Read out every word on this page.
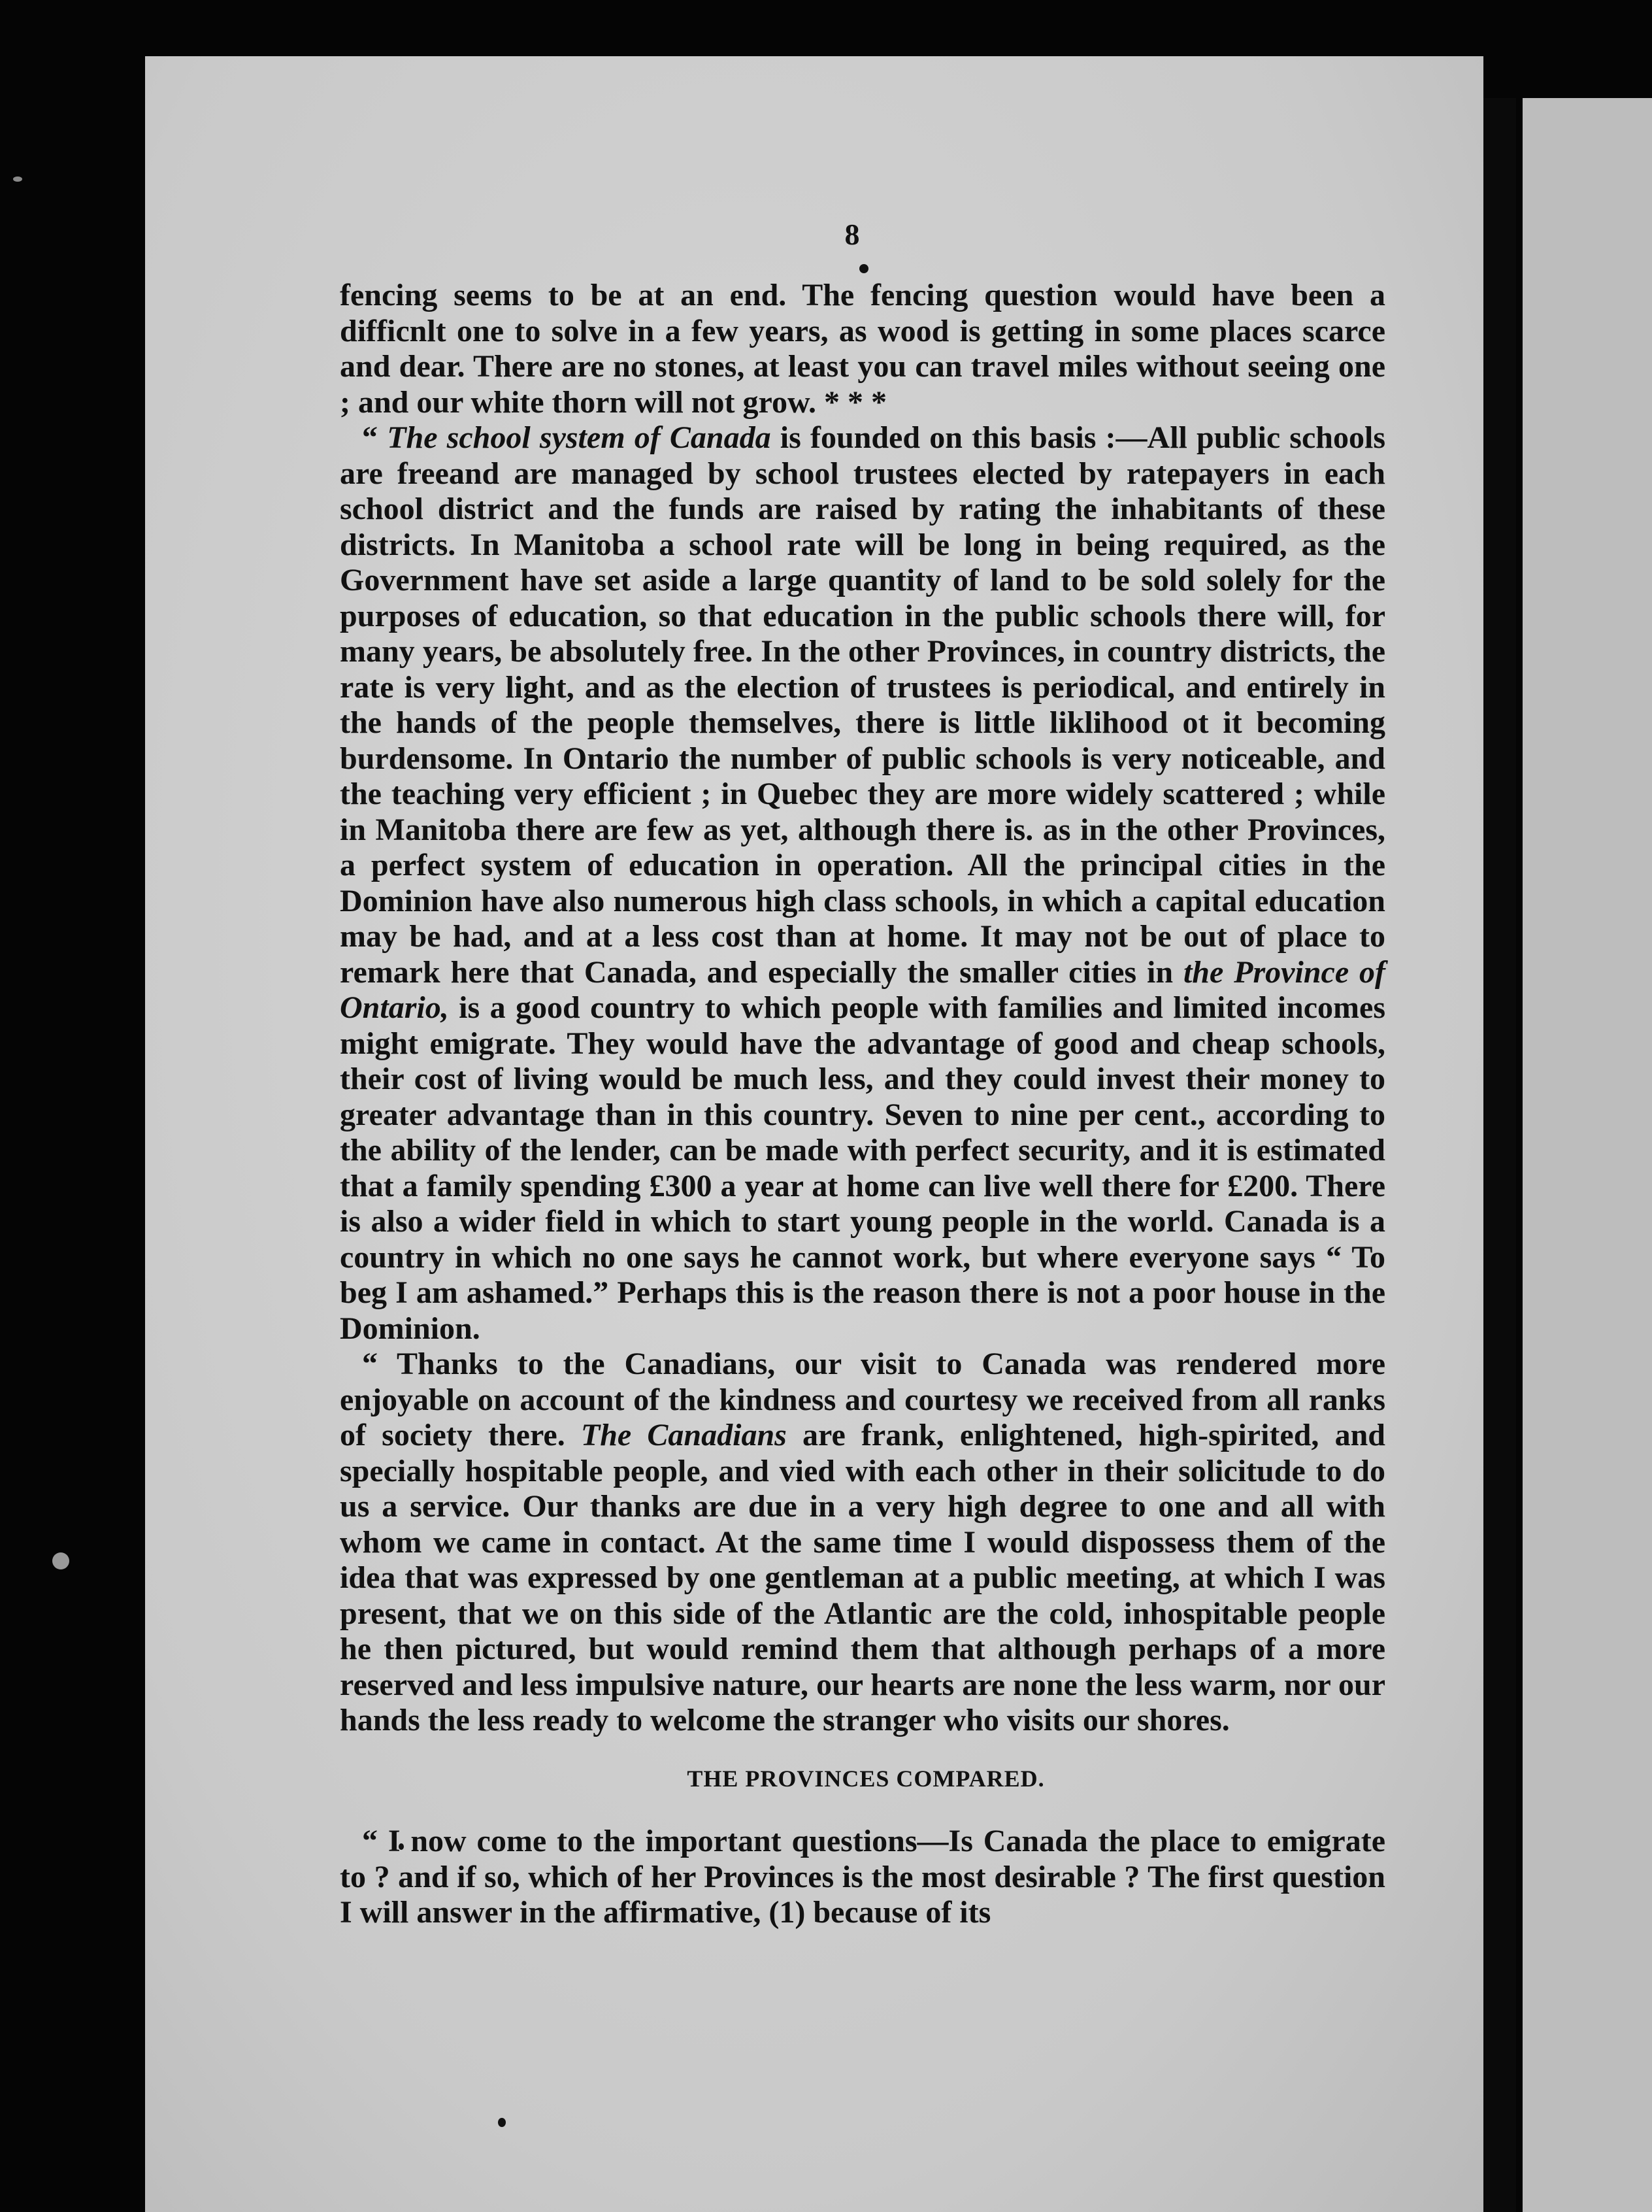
8

fencing seems to be at an end. The fencing question would have been a difficnlt one to solve in a few years, as wood is getting in some places scarce and dear. There are no stones, at least you can travel miles without seeing one ; and our white thorn will not grow. * * *

“ The school system of Canada is founded on this basis :—All public schools are freeand are managed by school trustees elected by ratepayers in each school district and the funds are raised by rating the inhabitants of these districts. In Manitoba a school rate will be long in being required, as the Government have set aside a large quantity of land to be sold solely for the purposes of education, so that education in the public schools there will, for many years, be absolutely free. In the other Provinces, in country districts, the rate is very light, and as the election of trustees is periodical, and entirely in the hands of the people themselves, there is little liklihood ot it becoming burdensome. In Ontario the number of public schools is very noticeable, and the teaching very efficient ; in Quebec they are more widely scattered ; while in Manitoba there are few as yet, although there is. as in the other Provinces, a perfect system of education in operation. All the principal cities in the Dominion have also numerous high class schools, in which a capital education may be had, and at a less cost than at home. It may not be out of place to remark here that Canada, and especially the smaller cities in the Province of Ontario, is a good country to which people with families and limited incomes might emigrate. They would have the advantage of good and cheap schools, their cost of living would be much less, and they could invest their money to greater advantage than in this country. Seven to nine per cent., according to the ability of the lender, can be made with perfect security, and it is estimated that a family spending £300 a year at home can live well there for £200. There is also a wider field in which to start young people in the world. Canada is a country in which no one says he cannot work, but where everyone says “ To beg I am ashamed.” Perhaps this is the reason there is not a poor house in the Dominion.

“ Thanks to the Canadians, our visit to Canada was rendered more enjoyable on account of the kindness and courtesy we received from all ranks of society there. The Canadians are frank, enlightened, high-spirited, and specially hospitable people, and vied with each other in their solicitude to do us a service. Our thanks are due in a very high degree to one and all with whom we came in contact. At the same time I would dispossess them of the idea that was expressed by one gentleman at a public meeting, at which I was present, that we on this side of the Atlantic are the cold, inhospitable people he then pictured, but would remind them that although perhaps of a more reserved and less impulsive nature, our hearts are none the less warm, nor our hands the less ready to welcome the stranger who visits our shores.

THE PROVINCES COMPARED.

“ I now come to the important questions—Is Canada the place to emigrate to ? and if so, which of her Provinces is the most desirable ? The first question I will answer in the affirmative, (1) because of its
